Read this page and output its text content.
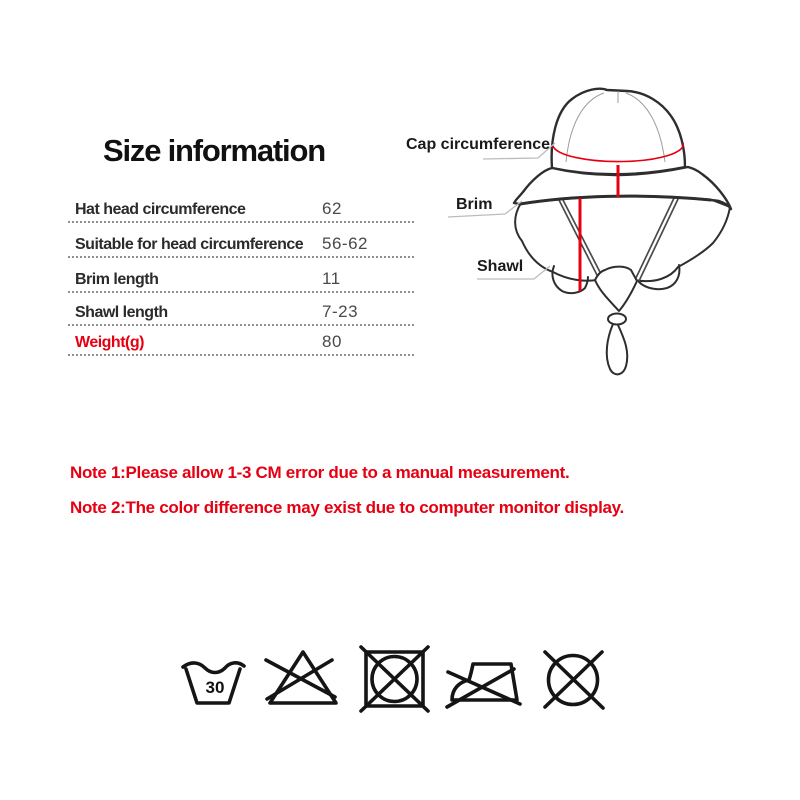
Size information
Hat head circumference	62
Suitable for head circumference 56-62
Brim length	11
Shawl length	7-23
Weight(g)	80
Cap circumference
Brim
Shawl
Note 1:Please allow 1-3 CM error due to a manual measurement.
Note 2:The color difference may exist due to computer monitor display.
30
